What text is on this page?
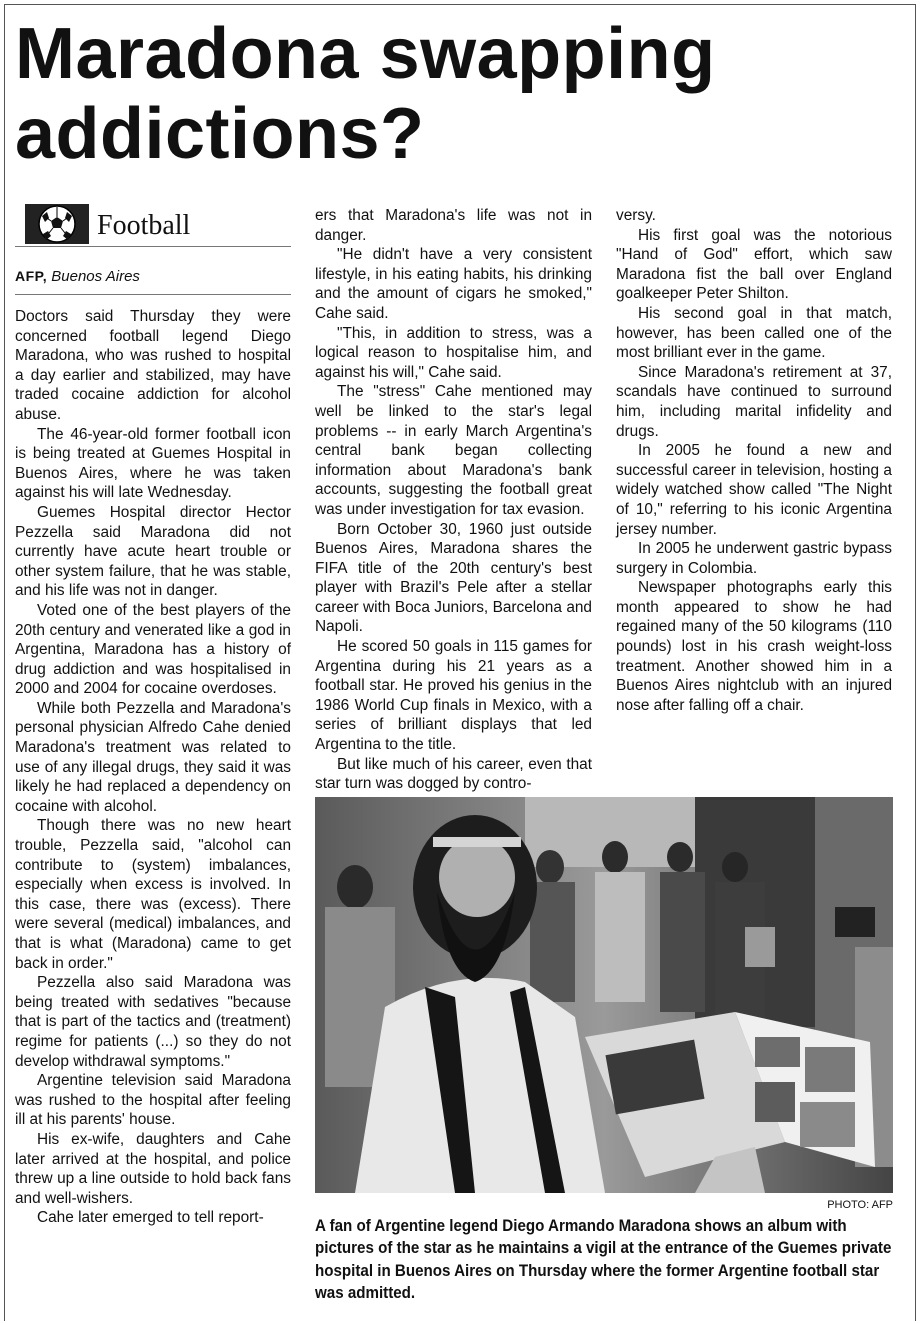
Maradona swapping addictions?
Football
AFP, Buenos Aires

Doctors said Thursday they were concerned football legend Diego Maradona, who was rushed to hospital a day earlier and stabilized, may have traded cocaine addiction for alcohol abuse.

The 46-year-old former football icon is being treated at Guemes Hospital in Buenos Aires, where he was taken against his will late Wednesday.

Guemes Hospital director Hector Pezzella said Maradona did not currently have acute heart trouble or other system failure, that he was stable, and his life was not in danger.

Voted one of the best players of the 20th century and venerated like a god in Argentina, Maradona has a history of drug addiction and was hospitalised in 2000 and 2004 for cocaine overdoses.

While both Pezzella and Maradona's personal physician Alfredo Cahe denied Maradona's treatment was related to use of any illegal drugs, they said it was likely he had replaced a dependency on cocaine with alcohol.

Though there was no new heart trouble, Pezzella said, "alcohol can contribute to (system) imbalances, especially when excess is involved. In this case, there was (excess). There were several (medical) imbalances, and that is what (Maradona) came to get back in order."

Pezzella also said Maradona was being treated with sedatives "because that is part of the tactics and (treatment) regime for patients (...) so they do not develop withdrawal symptoms."

Argentine television said Maradona was rushed to the hospital after feeling ill at his parents' house.

His ex-wife, daughters and Cahe later arrived at the hospital, and police threw up a line outside to hold back fans and well-wishers.

Cahe later emerged to tell report-

ers that Maradona's life was not in danger.

"He didn't have a very consistent lifestyle, in his eating habits, his drinking and the amount of cigars he smoked," Cahe said.

"This, in addition to stress, was a logical reason to hospitalise him, and against his will," Cahe said.

The "stress" Cahe mentioned may well be linked to the star's legal problems -- in early March Argentina's central bank began collecting information about Maradona's bank accounts, suggesting the football great was under investigation for tax evasion.

Born October 30, 1960 just outside Buenos Aires, Maradona shares the FIFA title of the 20th century's best player with Brazil's Pele after a stellar career with Boca Juniors, Barcelona and Napoli.

He scored 50 goals in 115 games for Argentina during his 21 years as a football star. He proved his genius in the 1986 World Cup finals in Mexico, with a series of brilliant displays that led Argentina to the title.

But like much of his career, even that star turn was dogged by contro-

versy.

His first goal was the notorious "Hand of God" effort, which saw Maradona fist the ball over England goalkeeper Peter Shilton.

His second goal in that match, however, has been called one of the most brilliant ever in the game.

Since Maradona's retirement at 37, scandals have continued to surround him, including marital infidelity and drugs.

In 2005 he found a new and successful career in television, hosting a widely watched show called "The Night of 10," referring to his iconic Argentina jersey number.

In 2005 he underwent gastric bypass surgery in Colombia.

Newspaper photographs early this month appeared to show he had regained many of the 50 kilograms (110 pounds) lost in his crash weight-loss treatment. Another showed him in a Buenos Aires nightclub with an injured nose after falling off a chair.

PHOTO: AFP
A fan of Argentine legend Diego Armando Maradona shows an album with pictures of the star as he maintains a vigil at the entrance of the Guemes private hospital in Buenos Aires on Thursday where the former Argentine football star was admitted.
